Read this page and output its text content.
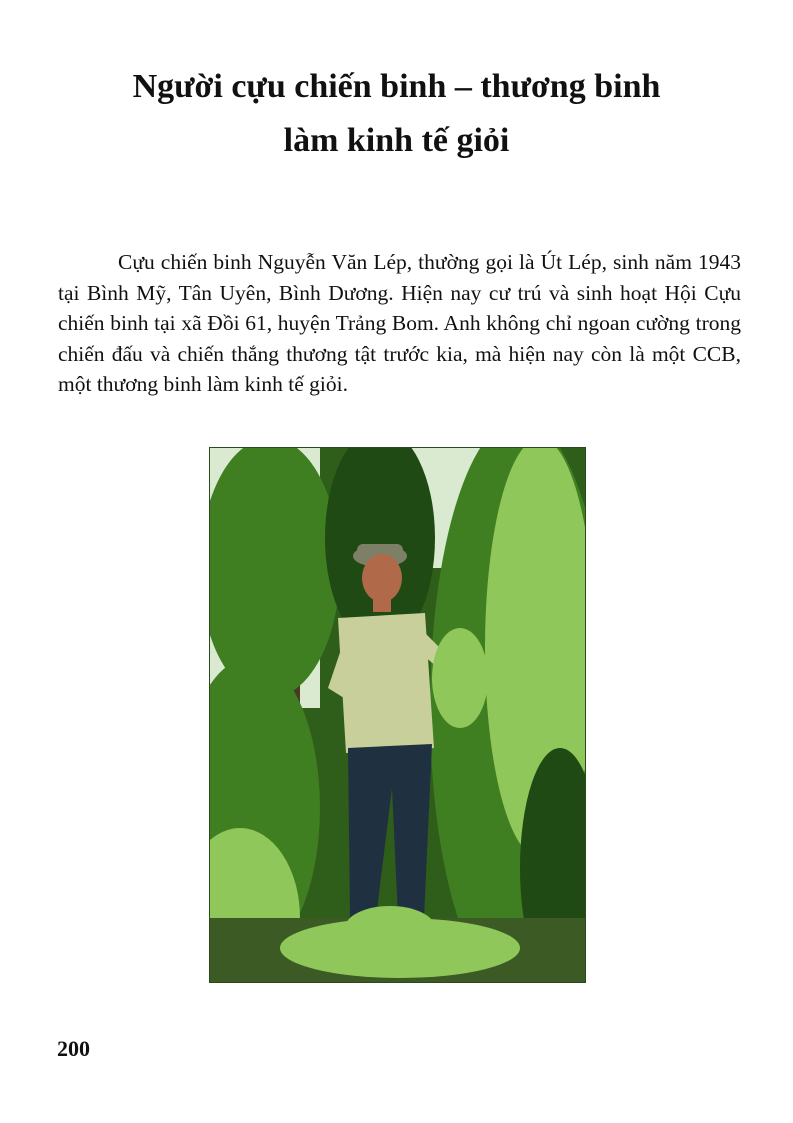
Người cựu chiến binh – thương binh
làm kinh tế giỏi

Cựu chiến binh Nguyễn Văn Lép, thường gọi là Út Lép, sinh năm 1943 tại Bình Mỹ, Tân Uyên, Bình Dương. Hiện nay cư trú và sinh hoạt Hội Cựu chiến binh tại xã Đồi 61, huyện Trảng Bom. Anh không chỉ ngoan cường trong chiến đấu và chiến thắng thương tật trước kia, mà hiện nay còn là một CCB, một thương binh làm kinh tế giỏi.

200
